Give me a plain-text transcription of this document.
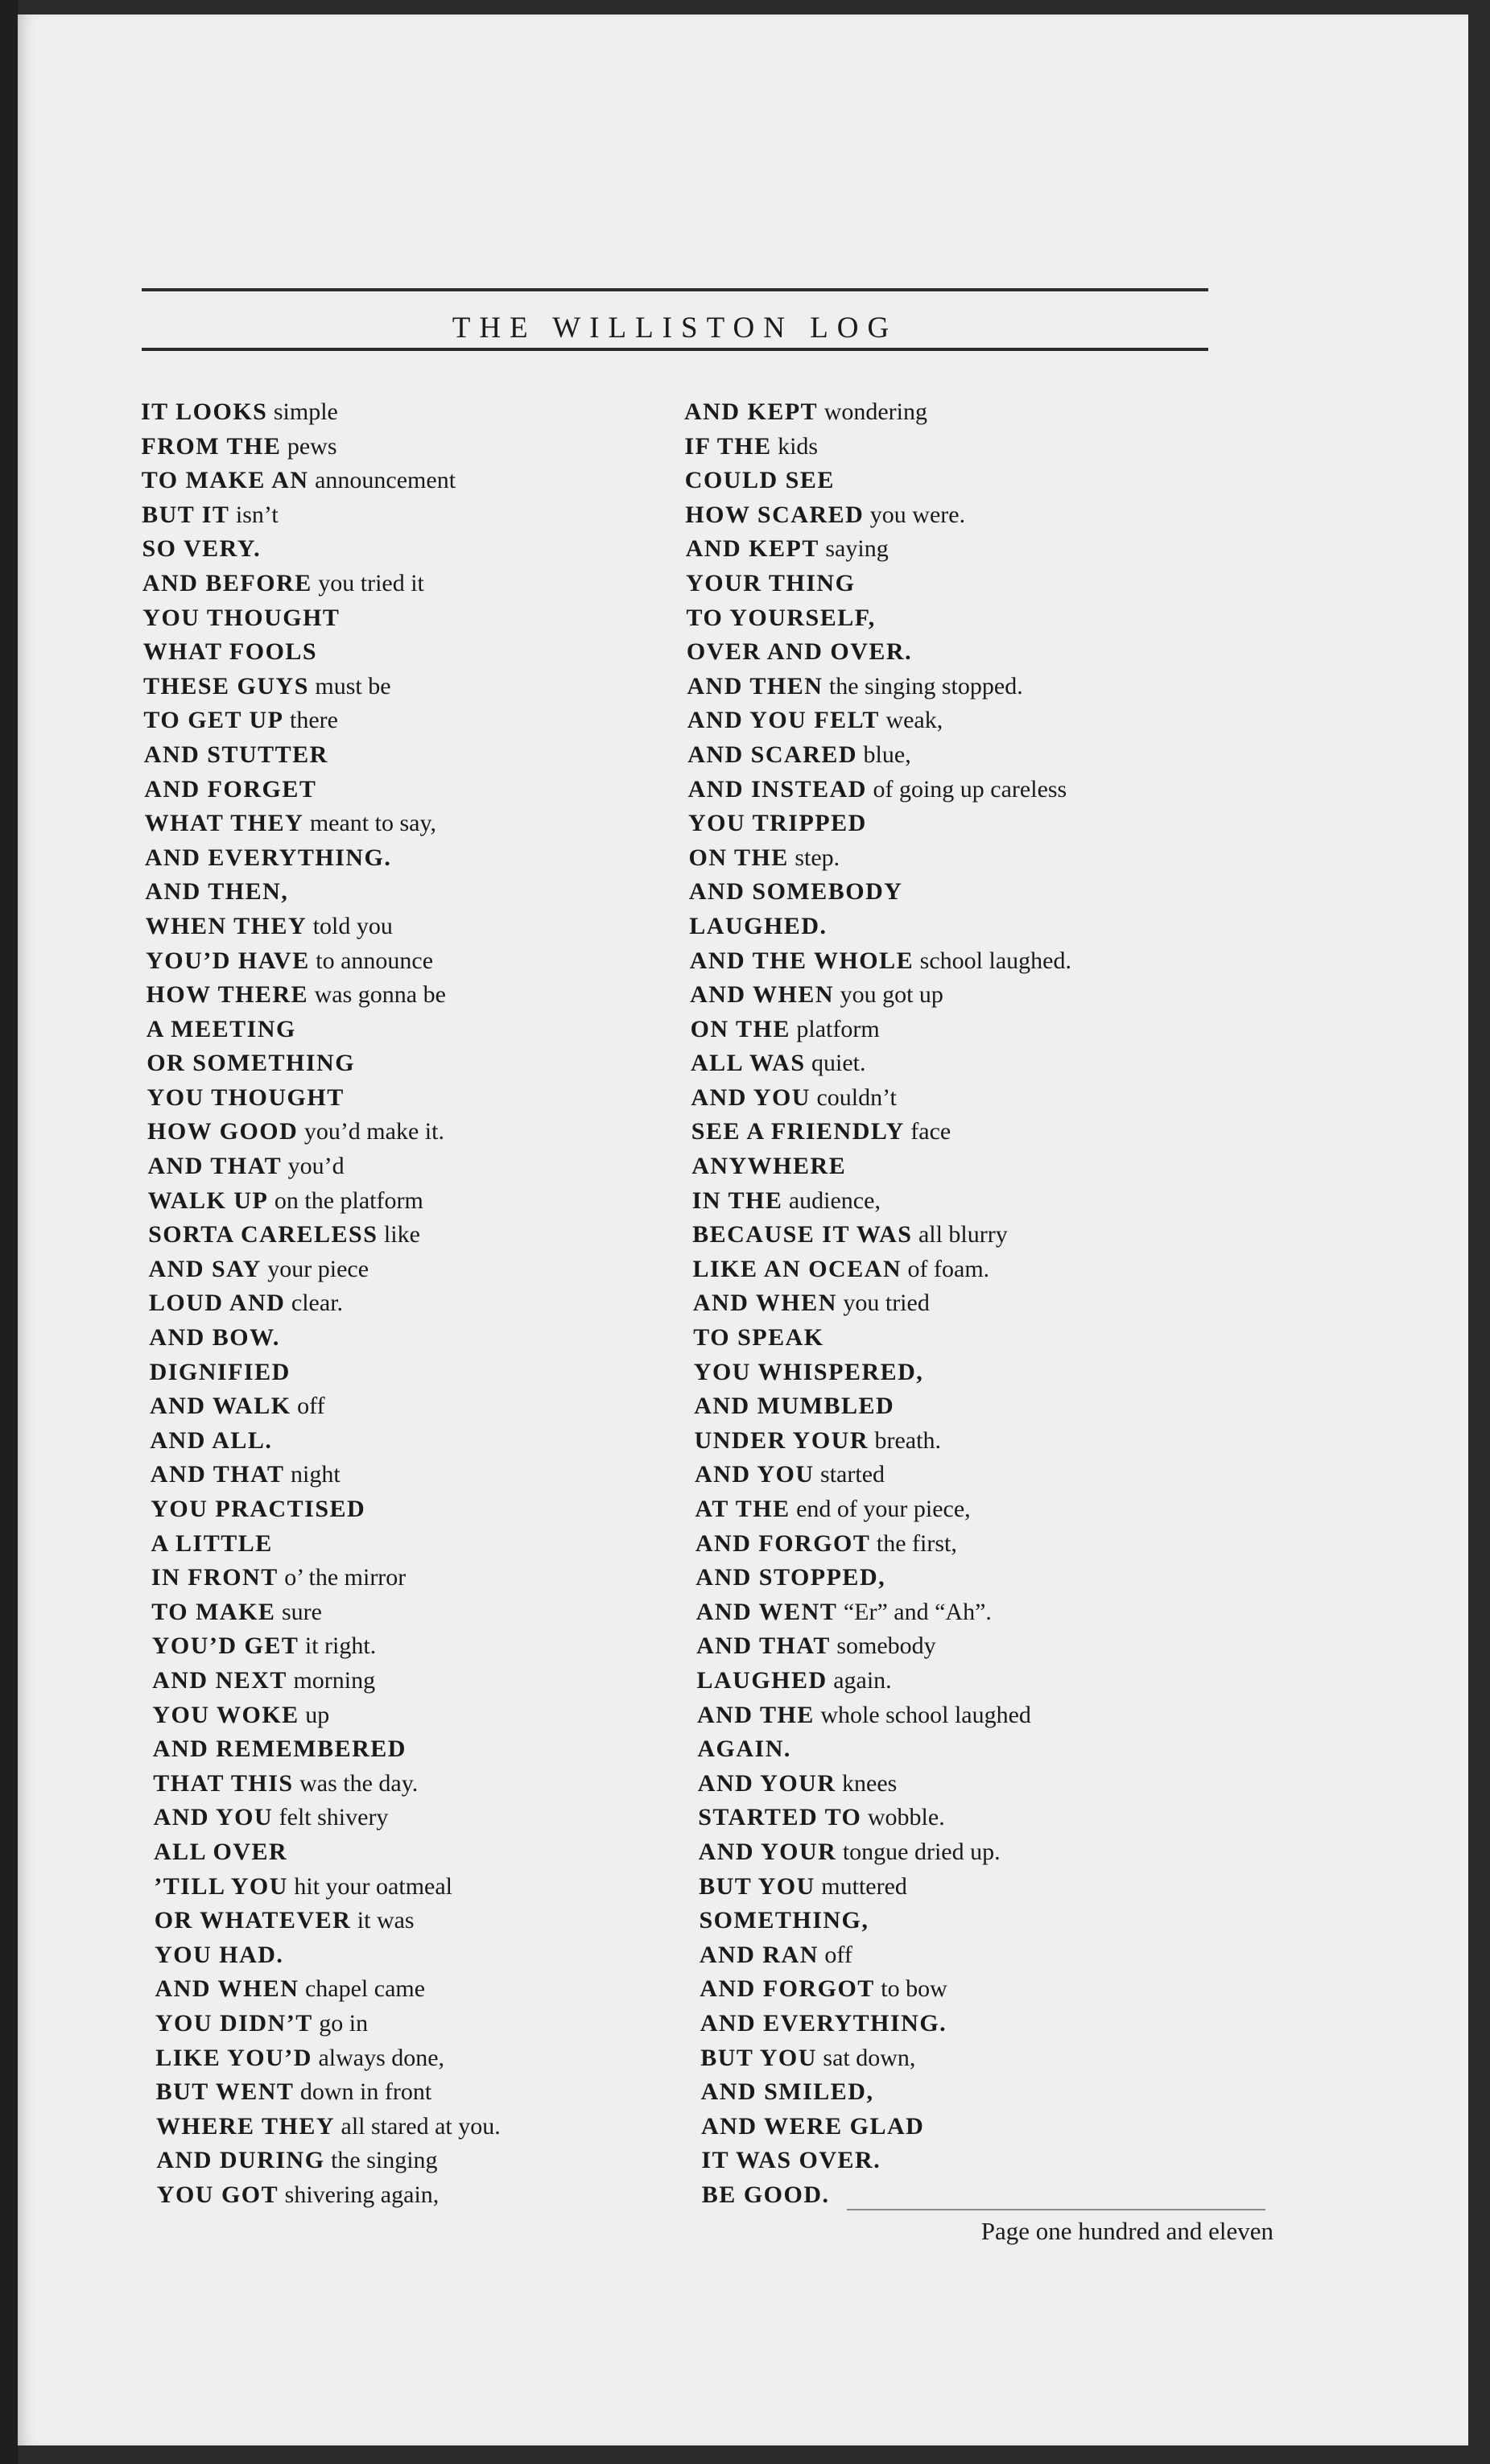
THE WILLISTON LOG
IT LOOKS simple
FROM THE pews
TO MAKE AN announcement
BUT IT isn’t
SO VERY.
AND BEFORE you tried it
YOU THOUGHT
WHAT FOOLS
THESE GUYS must be
TO GET UP there
AND STUTTER
AND FORGET
WHAT THEY meant to say,
AND EVERYTHING.
AND THEN,
WHEN THEY told you
YOU’D HAVE to announce
HOW THERE was gonna be
A MEETING
OR SOMETHING
YOU THOUGHT
HOW GOOD you’d make it.
AND THAT you’d
WALK UP on the platform
SORTA CARELESS like
AND SAY your piece
LOUD AND clear.
AND BOW.
DIGNIFIED
AND WALK off
AND ALL.
AND THAT night
YOU PRACTISED
A LITTLE
IN FRONT o’ the mirror
TO MAKE sure
YOU’D GET it right.
AND NEXT morning
YOU WOKE up
AND REMEMBERED
THAT THIS was the day.
AND YOU felt shivery
ALL OVER
’TILL YOU hit your oatmeal
OR WHATEVER it was
YOU HAD.
AND WHEN chapel came
YOU DIDN’T go in
LIKE YOU’D always done,
BUT WENT down in front
WHERE THEY all stared at you.
AND DURING the singing
YOU GOT shivering again,
AND KEPT wondering
IF THE kids
COULD SEE
HOW SCARED you were.
AND KEPT saying
YOUR THING
TO YOURSELF,
OVER AND OVER.
AND THEN the singing stopped.
AND YOU FELT weak,
AND SCARED blue,
AND INSTEAD of going up careless
YOU TRIPPED
ON THE step.
AND SOMEBODY
LAUGHED.
AND THE WHOLE school laughed.
AND WHEN you got up
ON THE platform
ALL WAS quiet.
AND YOU couldn’t
SEE A FRIENDLY face
ANYWHERE
IN THE audience,
BECAUSE IT WAS all blurry
LIKE AN OCEAN of foam.
AND WHEN you tried
TO SPEAK
YOU WHISPERED,
AND MUMBLED
UNDER YOUR breath.
AND YOU started
AT THE end of your piece,
AND FORGOT the first,
AND STOPPED,
AND WENT “Er” and “Ah”.
AND THAT somebody
LAUGHED again.
AND THE whole school laughed
AGAIN.
AND YOUR knees
STARTED TO wobble.
AND YOUR tongue dried up.
BUT YOU muttered
SOMETHING,
AND RAN off
AND FORGOT to bow
AND EVERYTHING.
BUT YOU sat down,
AND SMILED,
AND WERE GLAD
IT WAS OVER.
BE GOOD.
Page one hundred and eleven
